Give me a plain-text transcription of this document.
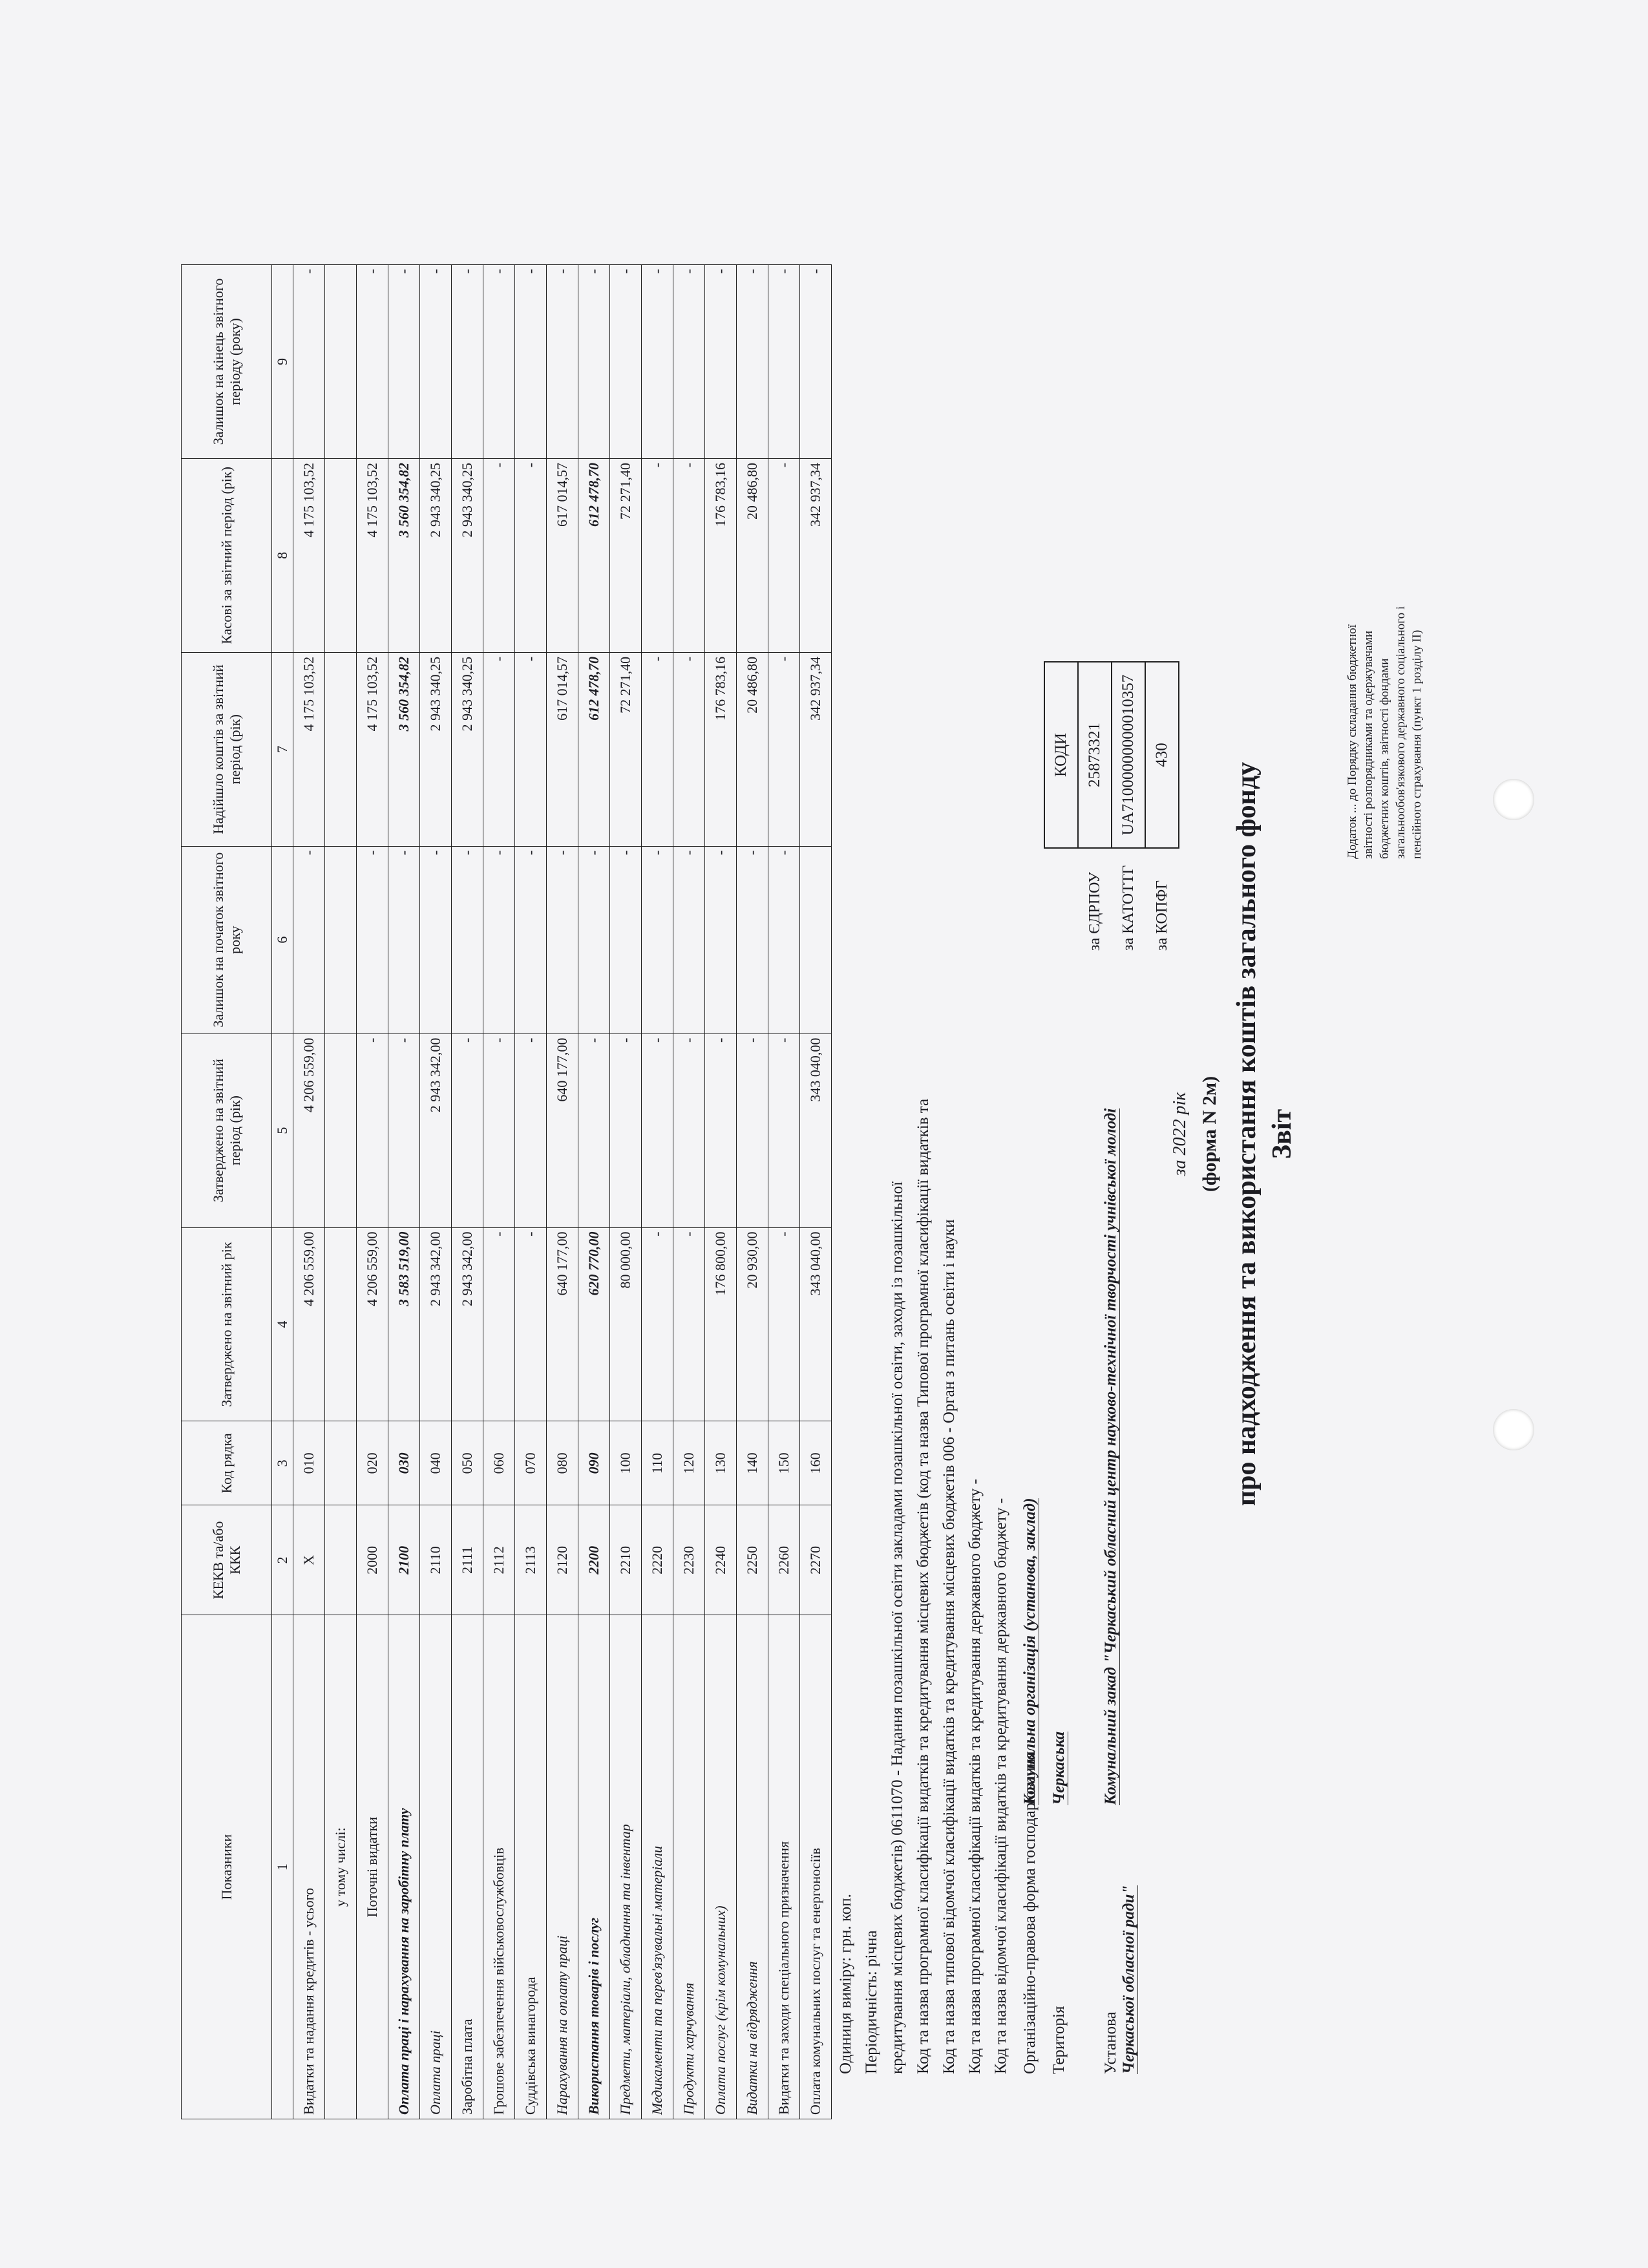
Додаток ... до Порядку складання бюджетної звітності розпорядниками та одержувачами бюджетних коштів, звітності фондами загальнообов'язкового державного соціального і пенсійного страхування (пункт 1 розділу II)
Звіт
про надходження та використання коштів загального фонду
(форма N 2м)
за 2022 рік
Установа Комунальний закад "Черкаський обласний центр науково-технічної творчості учнівської молоді Черкаської обласної ради"
Територія Черкаська
Організаційно-правова форма господарювання Комунальна організація (установа, заклад)
	КОДИ
за ЄДРПОУ	25873321
за КАТОТТГ	UA71000000000010357
за КОПФГ	430
Код та назва відомчої класифікації видатків та кредитування державного бюджету -
Код та назва програмної класифікації видатків та кредитування державного бюджету -
Код та назва типової відомчої класифікації видатків та кредитування місцевих бюджетів 006 - Орган з питань освіти і науки
Код та назва програмної класифікації видатків та кредитування місцевих бюджетів (код та назва Типової програмної класифікації видатків та
кредитування місцевих бюджетів) 0611070 - Надання позашкільної освіти закладами позашкільної освіти, заходи із позашкільної
Періодичність: річна
Одиниця виміру: грн. коп.
Показники	КЕКВ та/або ККК	Код рядка	Затверджено на звітний рік	Затверджено на звітний період (рік)	Залишок на початок звітного року	Надійшло коштів за звітний період (рік)	Касові за звітний період (рік)	Залишок на кінець звітного періоду (року)
1	2	3	4	5	6	7	8	9
Видатки та надання кредитів - усього	X	010	4 206 559,00	4 206 559,00	-	4 175 103,52	4 175 103,52	-
у тому числі:								
Поточні видатки	2000	020	4 206 559,00	-	-	4 175 103,52	4 175 103,52	-
Оплата праці і нарахування на заробітну плату	2100	030	3 583 519,00	-	-	3 560 354,82	3 560 354,82	-
Оплата праці	2110	040	2 943 342,00	2 943 342,00	-	2 943 340,25	2 943 340,25	-
Заробітна плата	2111	050	2 943 342,00	-	-	2 943 340,25	2 943 340,25	-
Грошове забезпечення військовослужбовців	2112	060	-	-	-	-	-	-
Суддівська винагорода	2113	070	-	-	-	-	-	-
Нарахування на оплату праці	2120	080	640 177,00	640 177,00	-	617 014,57	617 014,57	-
Використання товарів і послуг	2200	090	620 770,00	-	-	612 478,70	612 478,70	-
Предмети, матеріали, обладнання та інвентар	2210	100	80 000,00	-	-	72 271,40	72 271,40	-
Медикаменти та перев'язувальні матеріали	2220	110	-	-	-	-	-	-
Продукти харчування	2230	120	-	-	-	-	-	-
Оплата послуг (крім комунальних)	2240	130	176 800,00	-	-	176 783,16	176 783,16	-
Видатки на відрядження	2250	140	20 930,00	-	-	20 486,80	20 486,80	-
Видатки та заходи спеціального призначення	2260	150	-	-	-	-	-	-
Оплата комунальних послуг та енергоносіїв	2270	160	343 040,00	343 040,00		342 937,34	342 937,34	-
